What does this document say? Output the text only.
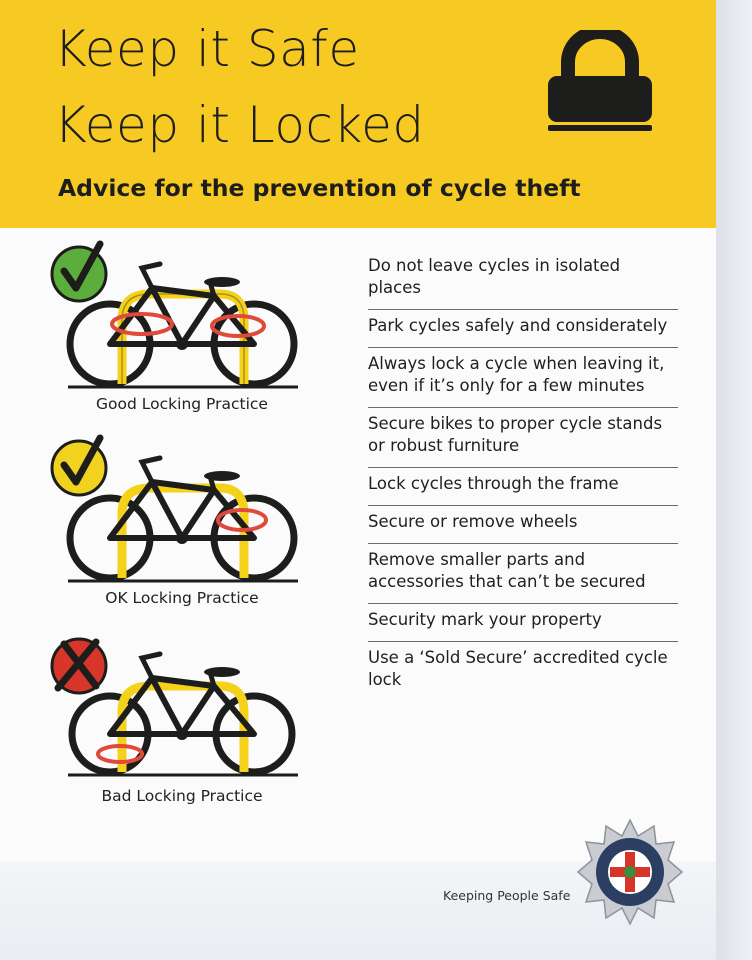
Keep it Safe
Keep it Locked
Advice for the prevention of cycle theft
Good Locking Practice
OK Locking Practice
Bad Locking Practice
Do not leave cycles in isolated places
Park cycles safely and considerately
Always lock a cycle when leaving it, even if it’s only for a few minutes
Secure bikes to proper cycle stands or robust furniture
Lock cycles through the frame
Secure or remove wheels
Remove smaller parts and accessories that can’t be secured
Security mark your property
Use a ‘Sold Secure’ accredited cycle lock
Keeping People Safe
